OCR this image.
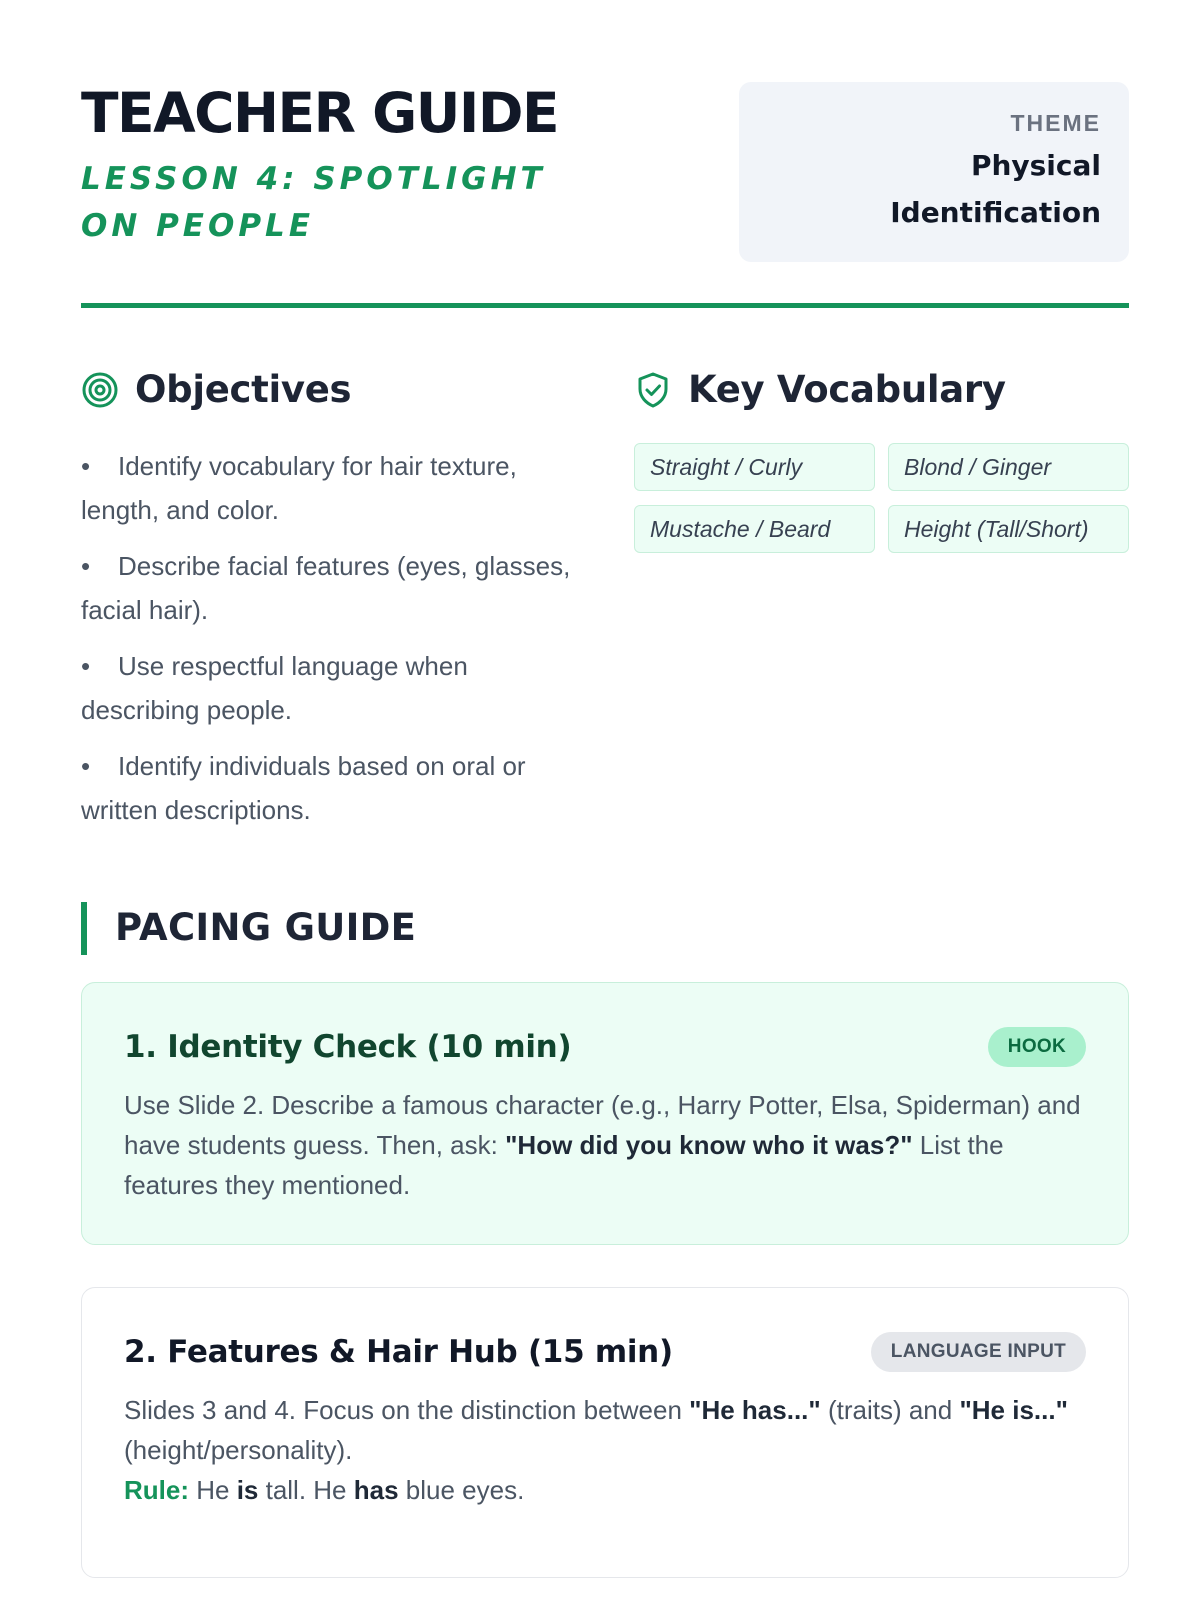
TEACHER GUIDE

LESSON 4: SPOTLIGHT ON PEOPLE

THEME
Physical Identification
Objectives
• Identify vocabulary for hair texture, length, and color.
• Describe facial features (eyes, glasses, facial hair).
• Use respectful language when describing people.
• Identify individuals based on oral or written descriptions.
Key Vocabulary
Straight / Curly	Blond / Ginger
Mustache / Beard	Height (Tall/Short)
PACING GUIDE
1. Identity Check (10 min)	HOOK
Use Slide 2. Describe a famous character (e.g., Harry Potter, Elsa, Spiderman) and have students guess. Then, ask: "How did you know who it was?" List the features they mentioned.
2. Features & Hair Hub (15 min)	LANGUAGE INPUT
Slides 3 and 4. Focus on the distinction between "He has..." (traits) and "He is..." (height/personality).
Rule: He is tall. He has blue eyes.
